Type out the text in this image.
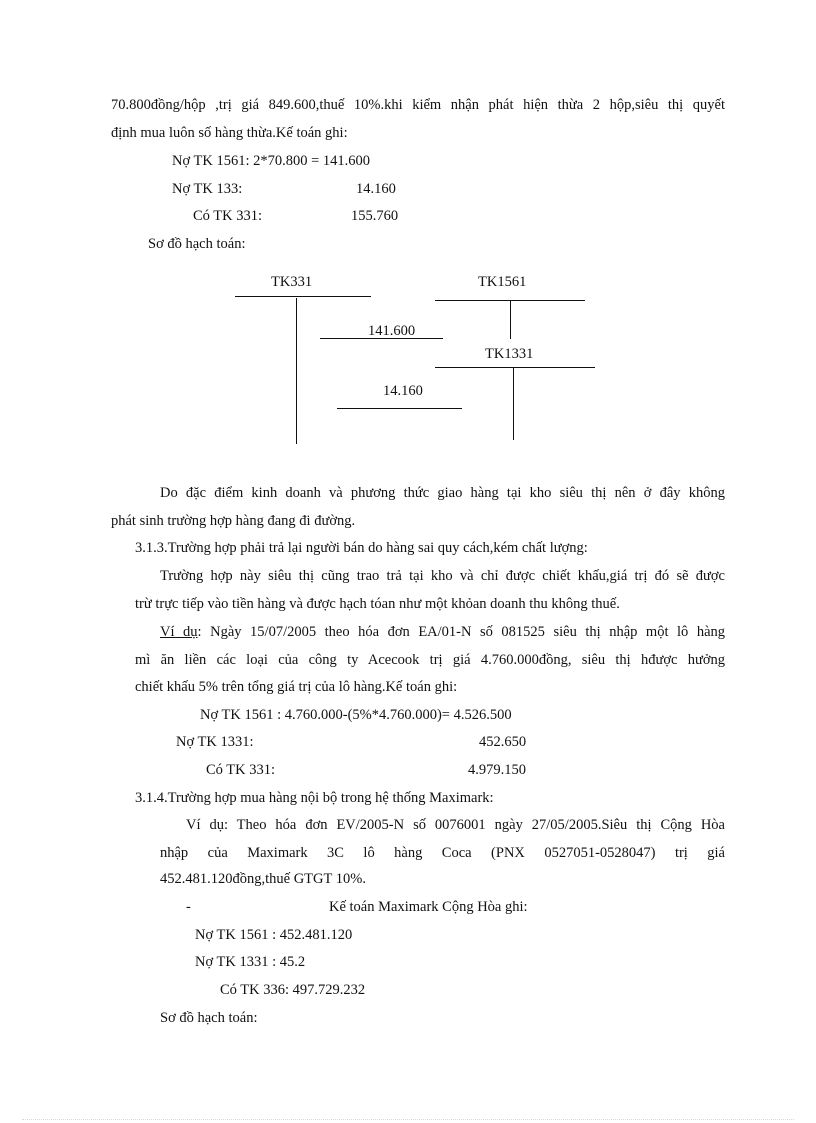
70.800đồng/hộp ,trị giá 849.600,thuế 10%.khi kiểm nhận phát hiện thừa 2 hộp,siêu thị quyết
định mua luôn số hàng thừa.Kế toán ghi:
Nợ TK 1561: 2*70.800 = 141.600
Nợ TK 133:	14.160
Có TK 331:	155.760
Sơ đồ hạch toán:
TK331	TK1561
141.600
TK1331
14.160
Do đặc điểm kinh doanh và phương thức giao hàng tại kho siêu thị nên ở đây không
phát sinh trường hợp hàng đang đi đường.
3.1.3.Trường hợp phải trả lại người bán do hàng sai quy cách,kém chất lượng:
Trường hợp này siêu thị cũng trao trả tại kho và chỉ được chiết khấu,giá trị đó sẽ được
trừ trực tiếp vào tiền hàng và được hạch tóan như một khỏan doanh thu không thuế.
Ví dụ: Ngày 15/07/2005 theo hóa đơn EA/01-N số 081525 siêu thị nhập một lô hàng
mì ăn liền các loại của công ty Acecook trị giá 4.760.000đồng, siêu thị hđược hưởng
chiết khấu 5% trên tổng giá trị của lô hàng.Kế toán ghi:
Nợ TK 1561 : 4.760.000-(5%*4.760.000)= 4.526.500
Nợ TK 1331:	452.650
Có TK 331:	4.979.150
3.1.4.Trường hợp mua hàng nội bộ trong hệ thống Maximark:
Ví dụ: Theo hóa đơn EV/2005-N số 0076001 ngày 27/05/2005.Siêu thị Cộng Hòa
nhập của Maximark 3C lô hàng Coca (PNX 0527051-0528047) trị giá
452.481.120đồng,thuế GTGT 10%.
-	Kế toán Maximark Cộng Hòa ghi:
Nợ TK 1561 : 452.481.120
Nợ TK 1331 : 45.2
Có TK 336: 497.729.232
Sơ đồ hạch toán:
